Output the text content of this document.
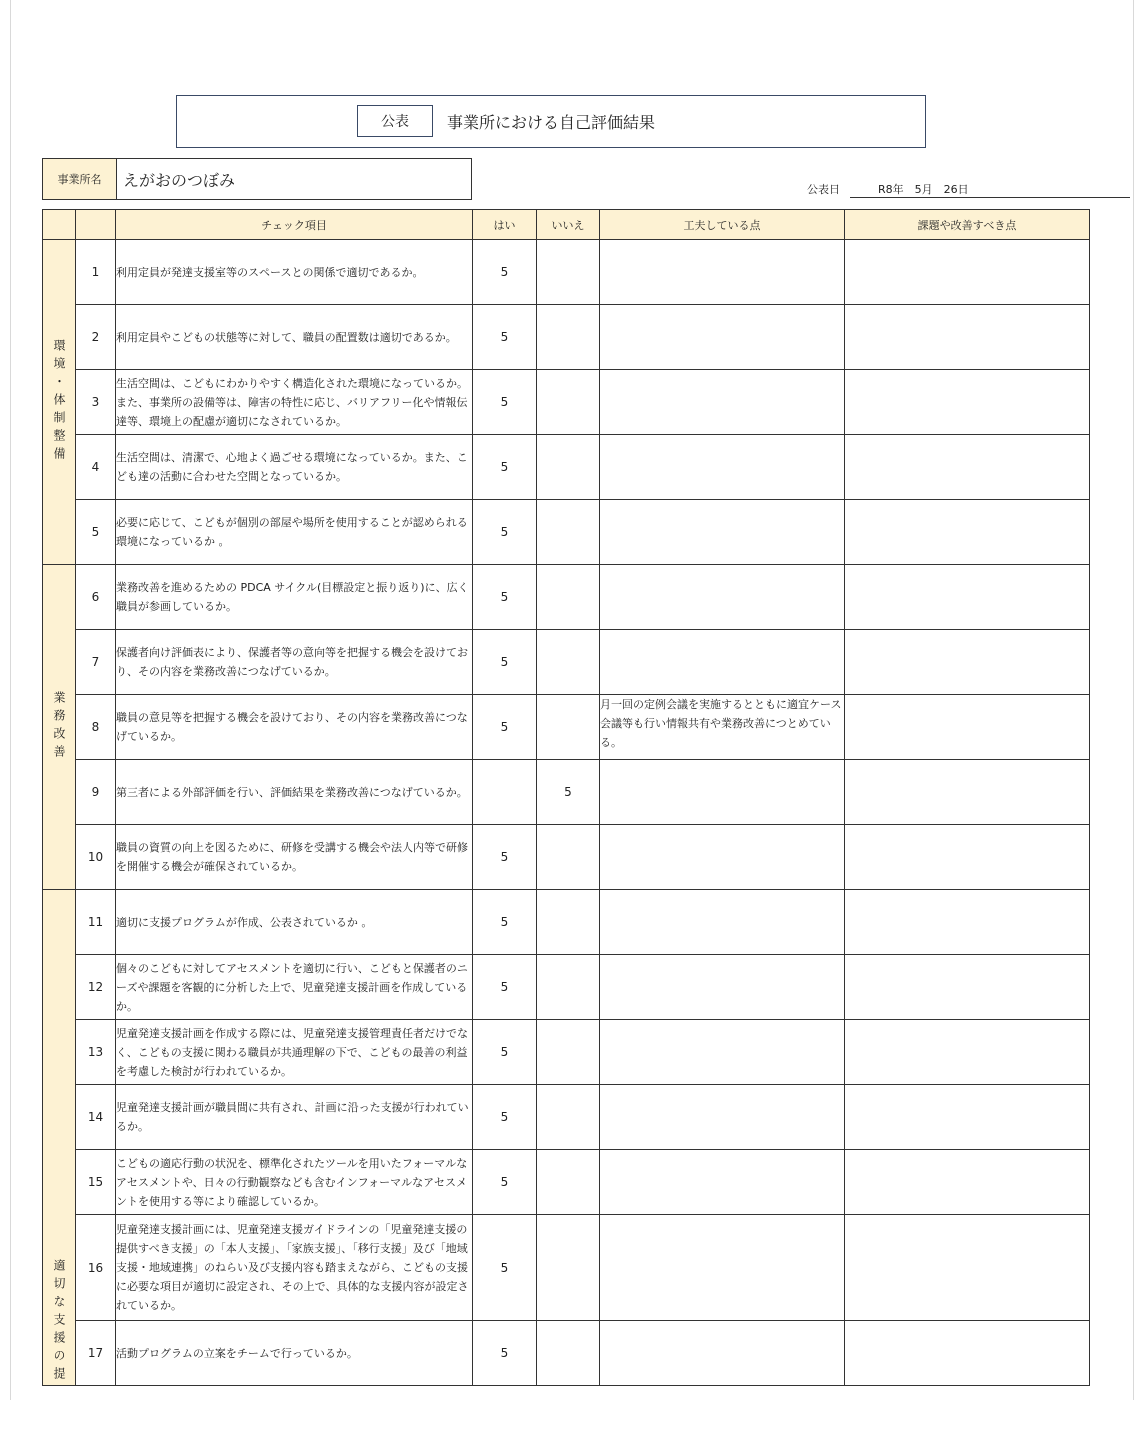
公表	事業所における自己評価結果
事業所名	えがおのつぼみ	公表日	R8年　5月　26日
		チェック項目	はい	いいえ	工夫している点	課題や改善すべき点

環境・体制整備	1	利用定員が発達支援室等のスペースとの関係で適切であるか。	5			
	2	利用定員やこどもの状態等に対して、職員の配置数は適切であるか。	5			
	3	生活空間は、こどもにわかりやすく構造化された環境になっているか。また、事業所の設備等は、障害の特性に応じ、バリアフリー化や情報伝達等、環境上の配慮が適切になされているか。	5			
	4	生活空間は、清潔で、心地よく過ごせる環境になっているか。また、こども達の活動に合わせた空間となっているか。	5			
	5	必要に応じて、こどもが個別の部屋や場所を使用することが認められる環境になっているか 。	5			

業務改善	6	業務改善を進めるための PDCA サイクル(目標設定と振り返り)に、広く職員が参画しているか。	5			
	7	保護者向け評価表により、保護者等の意向等を把握する機会を設けており、その内容を業務改善につなげているか。	5			
	8	職員の意見等を把握する機会を設けており、その内容を業務改善につなげているか。	5		月一回の定例会議を実施するとともに適宜ケース会議等も行い情報共有や業務改善につとめている。	
	9	第三者による外部評価を行い、評価結果を業務改善につなげているか。		5		
	10	職員の資質の向上を図るために、研修を受講する機会や法人内等で研修を開催する機会が確保されているか。	5			

適切な支援の提	11	適切に支援プログラムが作成、公表されているか 。	5			
	12	個々のこどもに対してアセスメントを適切に行い、こどもと保護者のニーズや課題を客観的に分析した上で、児童発達支援計画を作成しているか。	5			
	13	児童発達支援計画を作成する際には、児童発達支援管理責任者だけでなく、こどもの支援に関わる職員が共通理解の下で、こどもの最善の利益を考慮した検討が行われているか。	5			
	14	児童発達支援計画が職員間に共有され、計画に沿った支援が行われているか。	5			
	15	こどもの適応行動の状況を、標準化されたツールを用いたフォーマルなアセスメントや、日々の行動観察なども含むインフォーマルなアセスメントを使用する等により確認しているか。	5			
	16	児童発達支援計画には、児童発達支援ガイドラインの「児童発達支援の提供すべき支援」の「本人支援」、「家族支援」、「移行支援」及び「地域支援・地域連携」のねらい及び支援内容も踏まえながら、こどもの支援に必要な項目が適切に設定され、その上で、具体的な支援内容が設定されているか。	5			
	17	活動プログラムの立案をチームで行っているか。	5			
